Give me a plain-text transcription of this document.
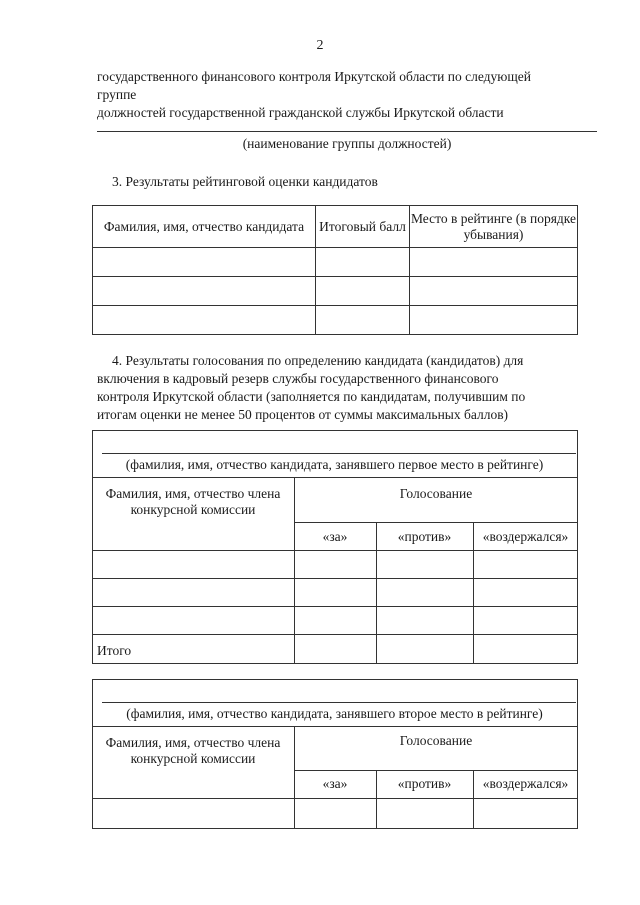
2
государственного финансового контроля Иркутской области по следующей
группе
должностей государственной гражданской службы Иркутской области
(наименование группы должностей)
3. Результаты рейтинговой оценки кандидатов
Фамилия, имя, отчество кандидата	Итоговый балл	Место в рейтинге (в порядке убывания)

4. Результаты голосования по определению кандидата (кандидатов) для
включения в кадровый резерв службы государственного финансового
контроля Иркутской области (заполняется по кандидатам, получившим по
итогам оценки не менее 50 процентов от суммы максимальных баллов)
(фамилия, имя, отчество кандидата, занявшего первое место в рейтинге)
Фамилия, имя, отчество члена конкурсной комиссии
Голосование
«за»	«против»	«воздержался»
Итого
(фамилия, имя, отчество кандидата, занявшего второе место в рейтинге)
Фамилия, имя, отчество члена конкурсной комиссии
Голосование
«за»	«против»	«воздержался»
